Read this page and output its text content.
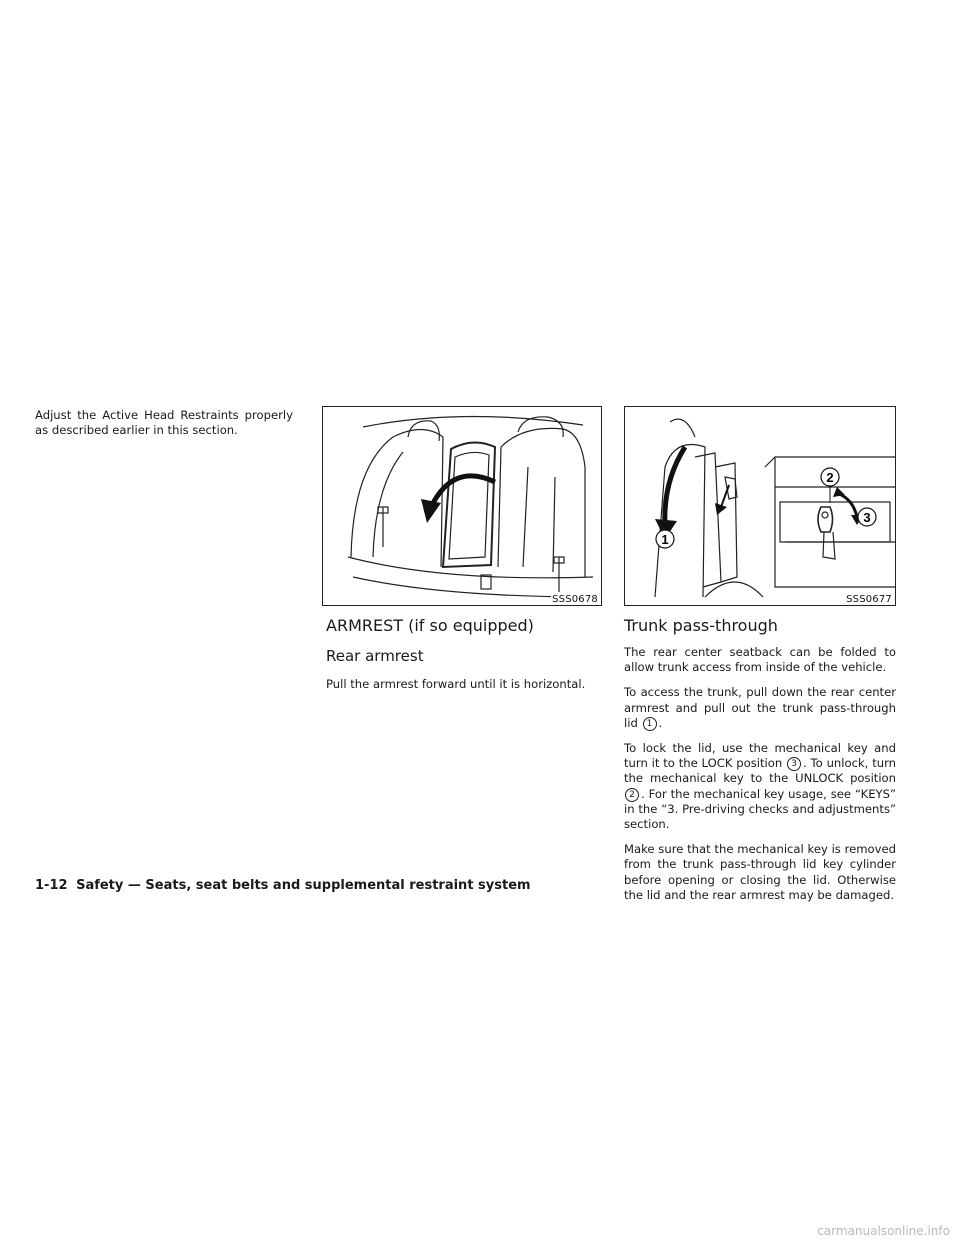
Adjust the Active Head Restraints properly as described earlier in this section.

SSS0678
1
2
3
SSS0677
ARMREST (if so equipped)
Rear armrest

Pull the armrest forward until it is horizontal.

Trunk pass-through

The rear center seatback can be folded to allow trunk access from inside of the vehicle.

To access the trunk, pull down the rear center armrest and pull out the trunk pass-through lid 1 .

To lock the lid, use the mechanical key and turn it to the LOCK position 3 . To unlock, turn the mechanical key to the UNLOCK position 2 . For the mechanical key usage, see “KEYS” in the “3. Pre-driving checks and adjustments” section.

Make sure that the mechanical key is removed from the trunk pass-through lid key cylinder before opening or closing the lid. Otherwise the lid and the rear armrest may be damaged.

1-12 Safety — Seats, seat belts and supplemental restraint system
carmanualsonline.info
